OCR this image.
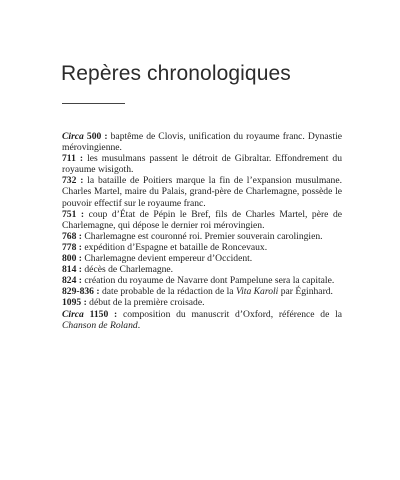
Repères chronologiques
Circa 500 : baptême de Clovis, unification du royaume franc. Dynastie mérovingienne.
711 : les musulmans passent le détroit de Gibraltar. Effondrement du royaume wisigoth.
732 : la bataille de Poitiers marque la fin de l’expansion musulmane. Charles Martel, maire du Palais, grand-père de Charlemagne, possède le pouvoir effectif sur le royaume franc.
751 : coup d’État de Pépin le Bref, fils de Charles Martel, père de Charlemagne, qui dépose le dernier roi mérovingien.
768 : Charlemagne est couronné roi. Premier souverain carolingien.
778 : expédition d’Espagne et bataille de Roncevaux.
800 : Charlemagne devient empereur d’Occident.
814 : décès de Charlemagne.
824 : création du royaume de Navarre dont Pampelune sera la capitale.
829-836 : date probable de la rédaction de la Vita Karoli par Éginhard.
1095 : début de la première croisade.
Circa 1150 : composition du manuscrit d’Oxford, référence de la Chanson de Roland.
